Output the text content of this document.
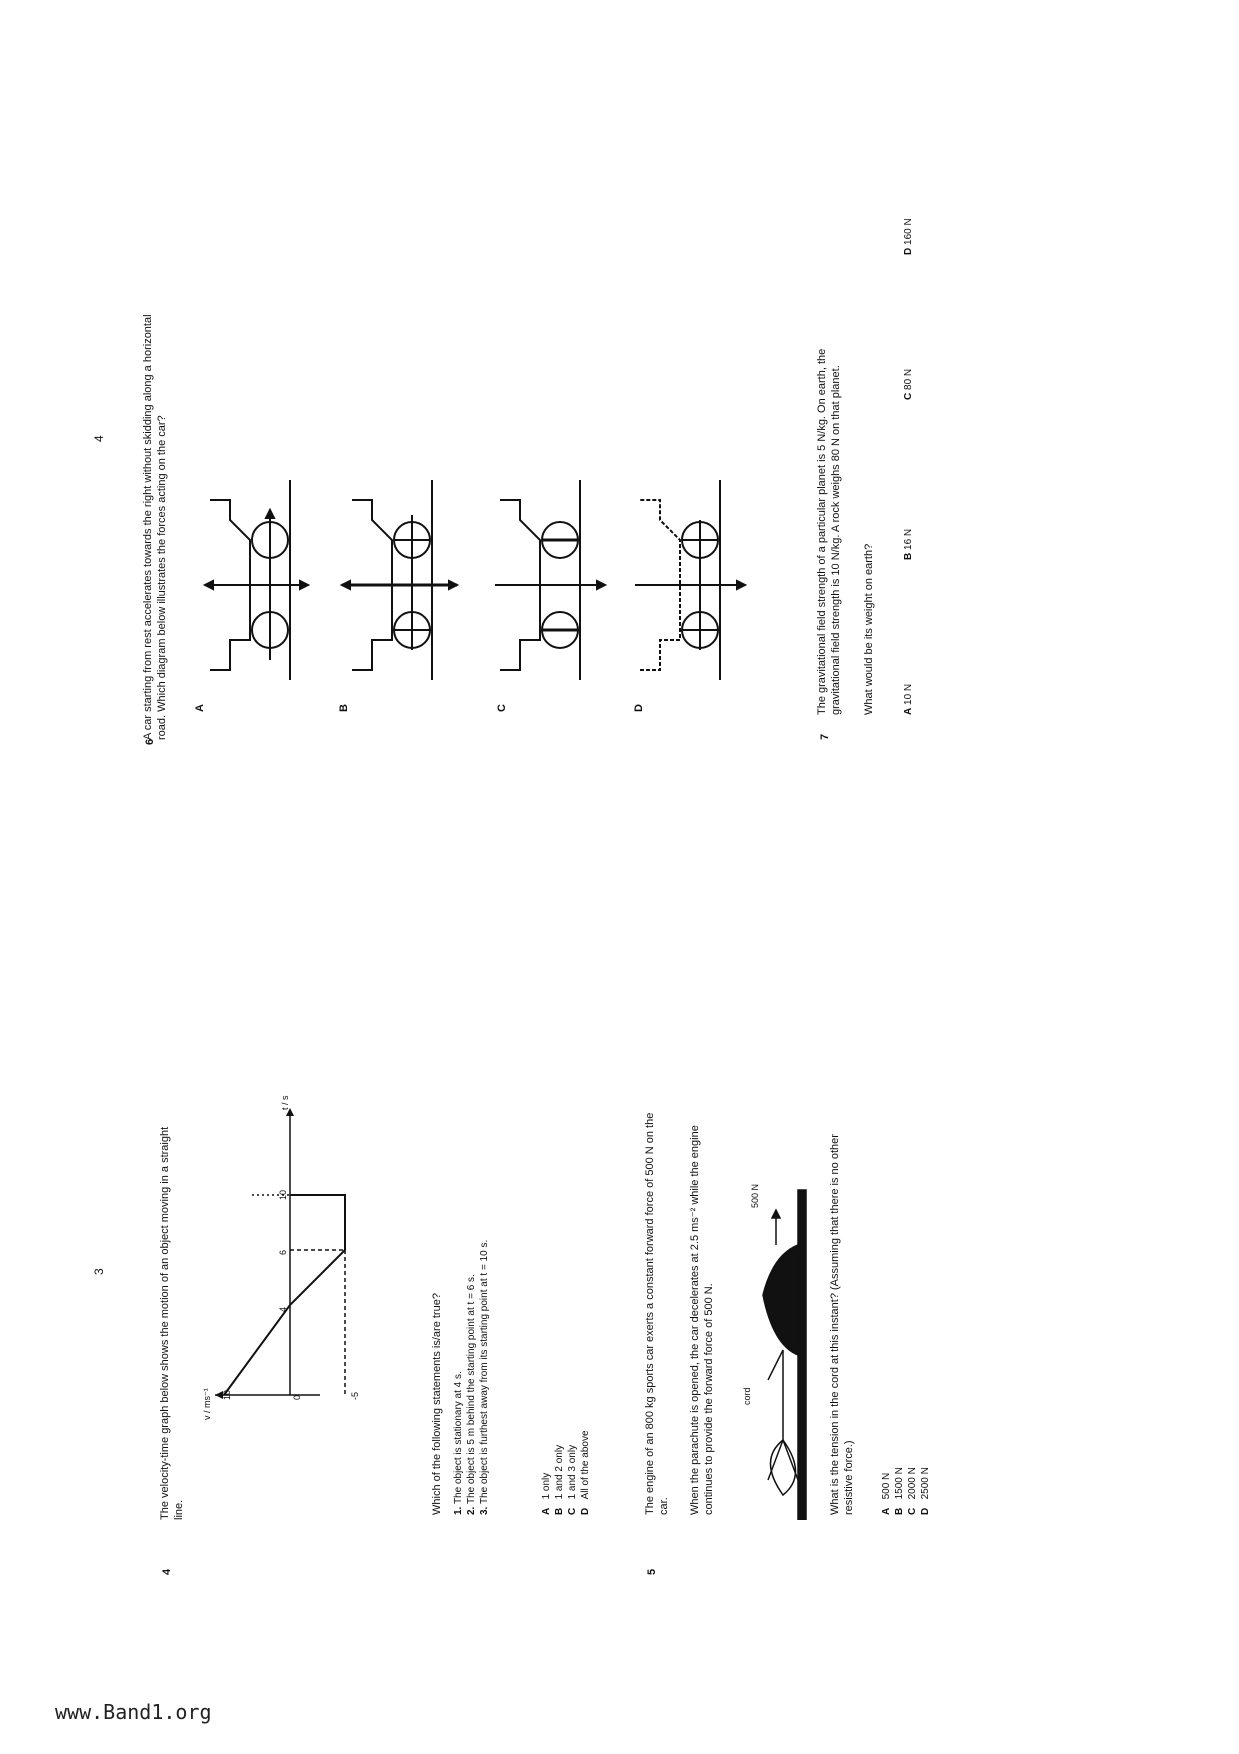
4
6
A car starting from rest accelerates towards the right without skidding along a horizontal road. Which diagram below illustrates the forces acting on the car? A	B	C	D
7
The gravitational field strength of a particular planet is 5 N/kg. On earth, the gravitational field strength is 10 N/kg. A rock weighs 80 N on that planet. What would be its weight on earth?	A 10 N
B 16 N
C 80 N
D 160 N
3
4
The velocity-time graph below shows the motion of an object moving in a straight line.
v / ms⁻¹
t / s
10	0	-5
4
6
10
Which of the following statements is/are true? 1. The object is stationary at 4 s.
2. The object is 5 m behind the starting point at t = 6 s.
3. The object is furthest away from its starting point at t = 10 s.
A   1 only
B   1 and 2 only
C   1 and 3 only
D   All of the above
5
The engine of an 800 kg sports car exerts a constant forward force of 500 N on the car. When the parachute is opened, the car decelerates at 2.5 ms⁻² while the engine continues to provide the forward force of 500 N.	cord
500 N	What is the tension in the cord at this instant? (Assuming that there is no other resistive force.)	A   500 N
B   1500 N
C   2000 N
D   2500 N
www.Band1.org
